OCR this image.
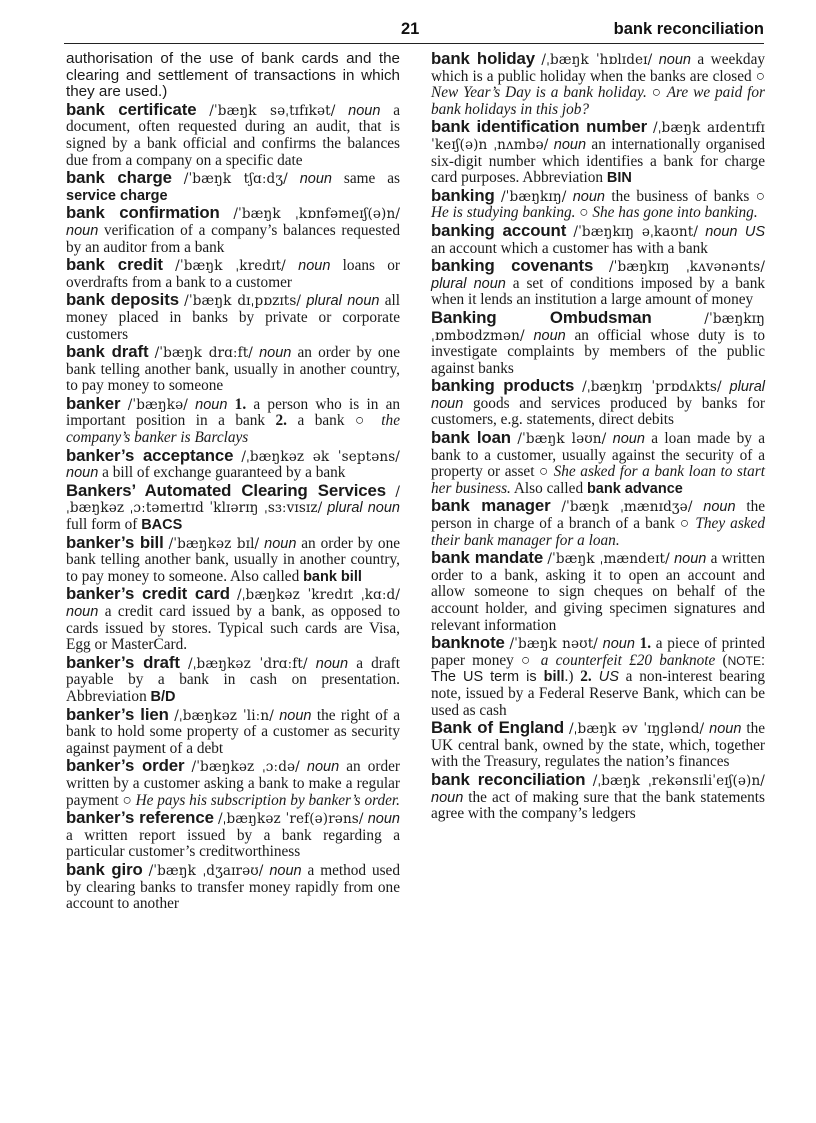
21	bank reconciliation

authorisation of the use of bank cards and the clearing and settlement of transactions in which they are used.)

bank certificate /ˈbæŋk səˌtɪfɪkət/ noun a document, often requested during an audit, that is signed by a bank official and confirms the balances due from a company on a specific date

bank charge /ˈbæŋk tʃɑːdʒ/ noun same as service charge

bank confirmation /ˈbæŋk ˌkɒnfəmeɪʃ(ə)n/ noun verification of a company’s balances requested by an auditor from a bank

bank credit /ˈbæŋk ˌkredɪt/ noun loans or overdrafts from a bank to a customer

bank deposits /ˈbæŋk dɪˌpɒzɪts/ plural noun all money placed in banks by private or corporate customers

bank draft /ˈbæŋk drɑːft/ noun an order by one bank telling another bank, usually in another country, to pay money to someone

banker /ˈbæŋkə/ noun 1. a person who is in an important position in a bank 2. a bank ○ the company’s banker is Barclays

banker’s acceptance /ˌbæŋkəz ək ˈseptəns/ noun a bill of exchange guaranteed by a bank

Bankers’ Automated Clearing Services /ˌbæŋkəz ˌɔːtəmeɪtɪd ˈklɪərɪŋ ˌsɜːvɪsɪz/ plural noun full form of BACS

banker’s bill /ˈbæŋkəz bɪl/ noun an order by one bank telling another bank, usually in another country, to pay money to someone. Also called bank bill

banker’s credit card /ˌbæŋkəz ˈkredɪt ˌkɑːd/ noun a credit card issued by a bank, as opposed to cards issued by stores. Typical such cards are Visa, Egg or MasterCard.

banker’s draft /ˌbæŋkəz ˈdrɑːft/ noun a draft payable by a bank in cash on presentation. Abbreviation B/D

banker’s lien /ˌbæŋkəz ˈliːn/ noun the right of a bank to hold some property of a customer as security against payment of a debt

banker’s order /ˈbæŋkəz ˌɔːdə/ noun an order written by a customer asking a bank to make a regular payment ○ He pays his subscription by banker’s order.

banker’s reference /ˌbæŋkəz ˈref(ə)rəns/ noun a written report issued by a bank regarding a particular customer’s creditworthiness

bank giro /ˈbæŋk ˌdʒaɪrəʊ/ noun a method used by clearing banks to transfer money rapidly from one account to another

bank holiday /ˌbæŋk ˈhɒlɪdeɪ/ noun a weekday which is a public holiday when the banks are closed ○ New Year’s Day is a bank holiday. ○ Are we paid for bank holidays in this job?

bank identification number /ˌbæŋk aɪdentɪfɪˈkeɪʃ(ə)n ˌnʌmbə/ noun an internationally organised six-digit number which identifies a bank for charge card purposes. Abbreviation BIN

banking /ˈbæŋkɪŋ/ noun the business of banks ○ He is studying banking. ○ She has gone into banking.

banking account /ˈbæŋkɪŋ əˌkaʊnt/ noun US an account which a customer has with a bank

banking covenants /ˈbæŋkɪŋ ˌkʌvənənts/ plural noun a set of conditions imposed by a bank when it lends an institution a large amount of money

Banking Ombudsman	/ˈbæŋkɪŋ ˌɒmbʊdzmən/ noun an official whose duty is to investigate complaints by members of the public against banks

banking products /ˌbæŋkɪŋ ˈprɒdʌkts/ plural noun goods and services produced by banks for customers, e.g. statements, direct debits

bank loan /ˈbæŋk ləʊn/ noun a loan made by a bank to a customer, usually against the security of a property or asset ○ She asked for a bank loan to start her business. Also called bank advance

bank manager /ˈbæŋk ˌmænɪdʒə/ noun the person in charge of a branch of a bank ○ They asked their bank manager for a loan.

bank mandate /ˈbæŋk ˌmændeɪt/ noun a written order to a bank, asking it to open an account and allow someone to sign cheques on behalf of the account holder, and giving specimen signatures and relevant information

banknote /ˈbæŋk nəʊt/ noun 1. a piece of printed paper money ○ a counterfeit £20 banknote (NOTE: The US term is bill.) 2. US a non-interest bearing note, issued by a Federal Reserve Bank, which can be used as cash

Bank of England /ˌbæŋk əv ˈɪŋglənd/ noun the UK central bank, owned by the state, which, together with the Treasury, regulates the nation’s finances

bank reconciliation /ˌbæŋk ˌrekənsɪliˈeɪʃ(ə)n/ noun the act of making sure that the bank statements agree with the company’s ledgers
